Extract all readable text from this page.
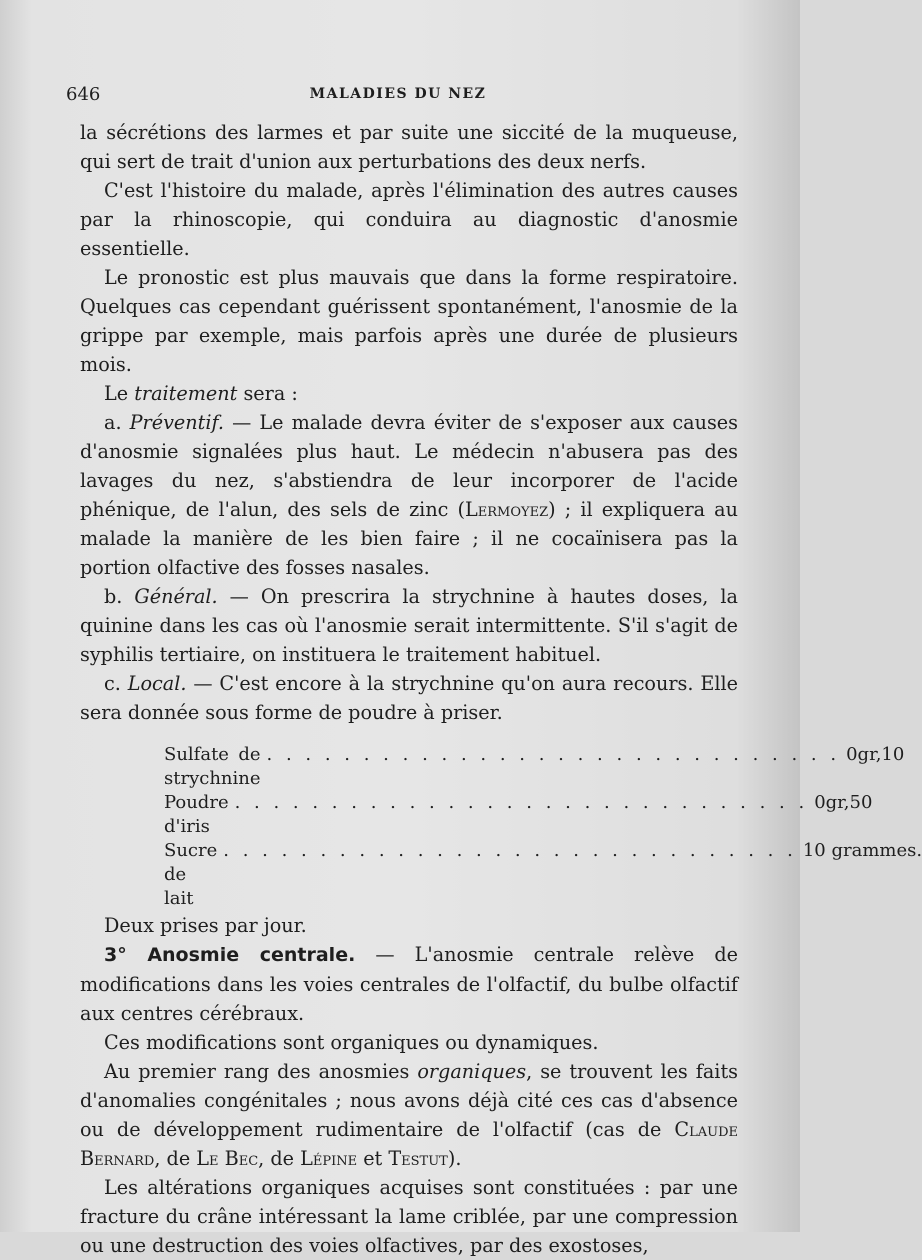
646	MALADIES DU NEZ

la sécrétions des larmes et par suite une siccité de la muqueuse, qui sert de trait d'union aux perturbations des deux nerfs.

C'est l'histoire du malade, après l'élimination des autres causes par la rhinoscopie, qui conduira au diagnostic d'anosmie essentielle.

Le pronostic est plus mauvais que dans la forme respiratoire. Quelques cas cependant guérissent spontanément, l'anosmie de la grippe par exemple, mais parfois après une durée de plusieurs mois.

Le traitement sera :

a. Préventif. — Le malade devra éviter de s'exposer aux causes d'anosmie signalées plus haut. Le médecin n'abusera pas des lavages du nez, s'abstiendra de leur incorporer de l'acide phénique, de l'alun, des sels de zinc (Lermoyez) ; il expliquera au malade la manière de les bien faire ; il ne cocaïnisera pas la portion olfactive des fosses nasales.

b. Général. — On prescrira la strychnine à hautes doses, la quinine dans les cas où l'anosmie serait intermittente. S'il s'agit de syphilis tertiaire, on instituera le traitement habituel.

c. Local. — C'est encore à la strychnine qu'on aura recours. Elle sera donnée sous forme de poudre à priser.

Sulfate de strychnine
. . . . . . . . . . . . . . . . . . . . . . . . . . . . . . 0gr,10
Poudre d'iris
. . . . . . . . . . . . . . . . . . . . . . . . . . . . . . 0gr,50
Sucre de lait
. . . . . . . . . . . . . . . . . . . . . . . . . . . . . . 10 grammes.

Deux prises par jour.

3° Anosmie centrale. — L'anosmie centrale relève de modifications dans les voies centrales de l'olfactif, du bulbe olfactif aux centres cérébraux.

Ces modifications sont organiques ou dynamiques.

Au premier rang des anosmies organiques, se trouvent les faits d'anomalies congénitales ; nous avons déjà cité ces cas d'absence ou de développement rudimentaire de l'olfactif (cas de Claude Bernard, de Le Bec, de Lépine et Testut).

Les altérations organiques acquises sont constituées : par une fracture du crâne intéressant la lame criblée, par une compression ou une destruction des voies olfactives, par des exostoses,
